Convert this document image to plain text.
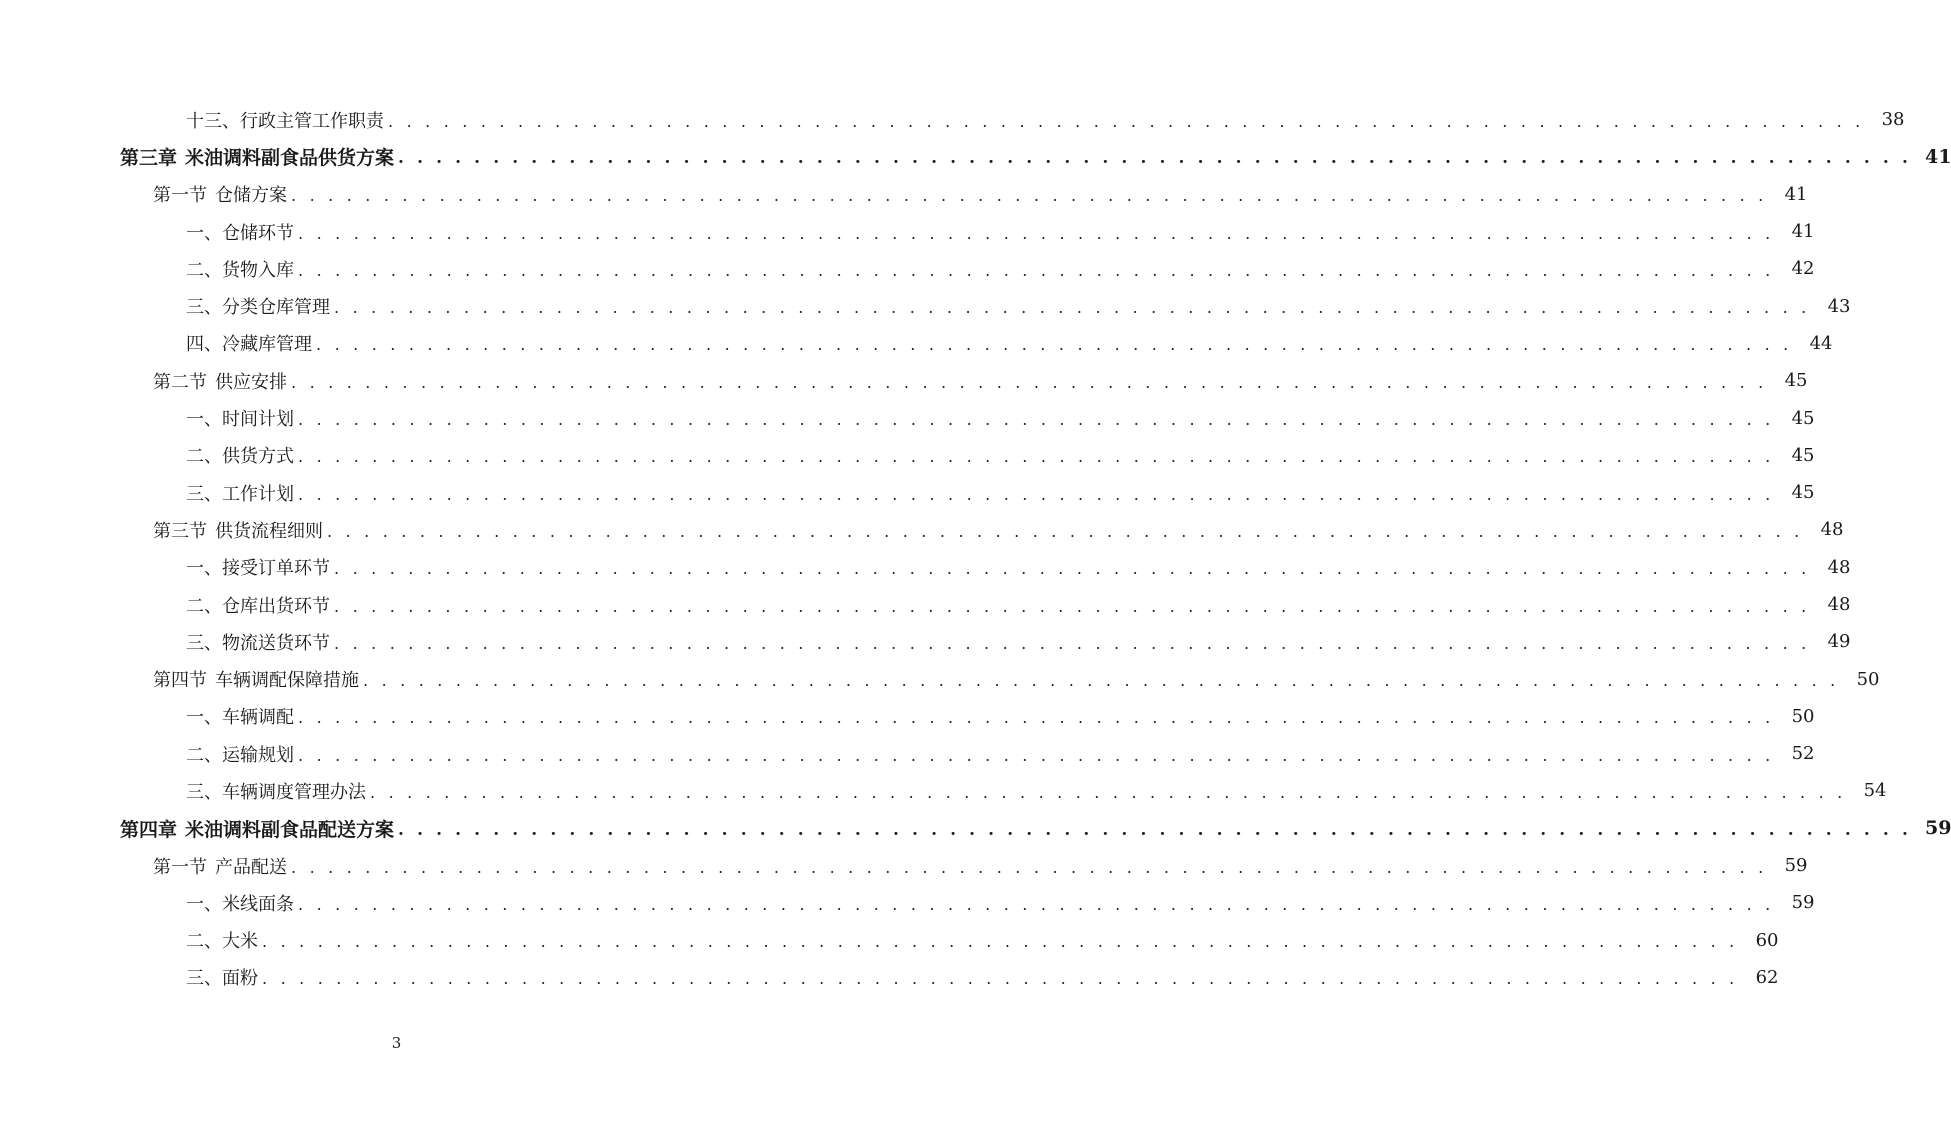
十三、行政主管工作职责 . . . . . . . . . . . . . . . . . . . . . . . . . . . . . . . . . . . . . . . . . . . . . . . . . . . . . . . . . . . . . . . . . . . . . . . . . . . . . . . . 38
第三章 米油调料副食品供货方案 . . . . . . . . . . . . . . . . . . . . . . . . . . . . . . . . . . . . . . . . . . . . . . . . . . . . . . . . . . . . . . . . . . . . . . . . . . . . . . . . 41
第一节 仓储方案 . . . . . . . . . . . . . . . . . . . . . . . . . . . . . . . . . . . . . . . . . . . . . . . . . . . . . . . . . . . . . . . . . . . . . . . . . . . . . . . . 41
一、仓储环节 . . . . . . . . . . . . . . . . . . . . . . . . . . . . . . . . . . . . . . . . . . . . . . . . . . . . . . . . . . . . . . . . . . . . . . . . . . . . . . . . 41
二、货物入库 . . . . . . . . . . . . . . . . . . . . . . . . . . . . . . . . . . . . . . . . . . . . . . . . . . . . . . . . . . . . . . . . . . . . . . . . . . . . . . . . 42
三、分类仓库管理 . . . . . . . . . . . . . . . . . . . . . . . . . . . . . . . . . . . . . . . . . . . . . . . . . . . . . . . . . . . . . . . . . . . . . . . . . . . . . . . . 43
四、冷藏库管理 . . . . . . . . . . . . . . . . . . . . . . . . . . . . . . . . . . . . . . . . . . . . . . . . . . . . . . . . . . . . . . . . . . . . . . . . . . . . . . . . 44
第二节 供应安排 . . . . . . . . . . . . . . . . . . . . . . . . . . . . . . . . . . . . . . . . . . . . . . . . . . . . . . . . . . . . . . . . . . . . . . . . . . . . . . . . 45
一、时间计划 . . . . . . . . . . . . . . . . . . . . . . . . . . . . . . . . . . . . . . . . . . . . . . . . . . . . . . . . . . . . . . . . . . . . . . . . . . . . . . . . 45
二、供货方式 . . . . . . . . . . . . . . . . . . . . . . . . . . . . . . . . . . . . . . . . . . . . . . . . . . . . . . . . . . . . . . . . . . . . . . . . . . . . . . . . 45
三、工作计划 . . . . . . . . . . . . . . . . . . . . . . . . . . . . . . . . . . . . . . . . . . . . . . . . . . . . . . . . . . . . . . . . . . . . . . . . . . . . . . . . 45
第三节 供货流程细则 . . . . . . . . . . . . . . . . . . . . . . . . . . . . . . . . . . . . . . . . . . . . . . . . . . . . . . . . . . . . . . . . . . . . . . . . . . . . . . . . 48
一、接受订单环节 . . . . . . . . . . . . . . . . . . . . . . . . . . . . . . . . . . . . . . . . . . . . . . . . . . . . . . . . . . . . . . . . . . . . . . . . . . . . . . . . 48
二、仓库出货环节 . . . . . . . . . . . . . . . . . . . . . . . . . . . . . . . . . . . . . . . . . . . . . . . . . . . . . . . . . . . . . . . . . . . . . . . . . . . . . . . . 48
三、物流送货环节 . . . . . . . . . . . . . . . . . . . . . . . . . . . . . . . . . . . . . . . . . . . . . . . . . . . . . . . . . . . . . . . . . . . . . . . . . . . . . . . . 49
第四节 车辆调配保障措施 . . . . . . . . . . . . . . . . . . . . . . . . . . . . . . . . . . . . . . . . . . . . . . . . . . . . . . . . . . . . . . . . . . . . . . . . . . . . . . . . 50
一、车辆调配 . . . . . . . . . . . . . . . . . . . . . . . . . . . . . . . . . . . . . . . . . . . . . . . . . . . . . . . . . . . . . . . . . . . . . . . . . . . . . . . . 50
二、运输规划 . . . . . . . . . . . . . . . . . . . . . . . . . . . . . . . . . . . . . . . . . . . . . . . . . . . . . . . . . . . . . . . . . . . . . . . . . . . . . . . . 52
三、车辆调度管理办法 . . . . . . . . . . . . . . . . . . . . . . . . . . . . . . . . . . . . . . . . . . . . . . . . . . . . . . . . . . . . . . . . . . . . . . . . . . . . . . . . 54
第四章 米油调料副食品配送方案 . . . . . . . . . . . . . . . . . . . . . . . . . . . . . . . . . . . . . . . . . . . . . . . . . . . . . . . . . . . . . . . . . . . . . . . . . . . . . . . . 59
第一节 产品配送 . . . . . . . . . . . . . . . . . . . . . . . . . . . . . . . . . . . . . . . . . . . . . . . . . . . . . . . . . . . . . . . . . . . . . . . . . . . . . . . . 59
一、米线面条 . . . . . . . . . . . . . . . . . . . . . . . . . . . . . . . . . . . . . . . . . . . . . . . . . . . . . . . . . . . . . . . . . . . . . . . . . . . . . . . . 59
二、大米 . . . . . . . . . . . . . . . . . . . . . . . . . . . . . . . . . . . . . . . . . . . . . . . . . . . . . . . . . . . . . . . . . . . . . . . . . . . . . . . . 60
三、面粉 . . . . . . . . . . . . . . . . . . . . . . . . . . . . . . . . . . . . . . . . . . . . . . . . . . . . . . . . . . . . . . . . . . . . . . . . . . . . . . . . 62
3
